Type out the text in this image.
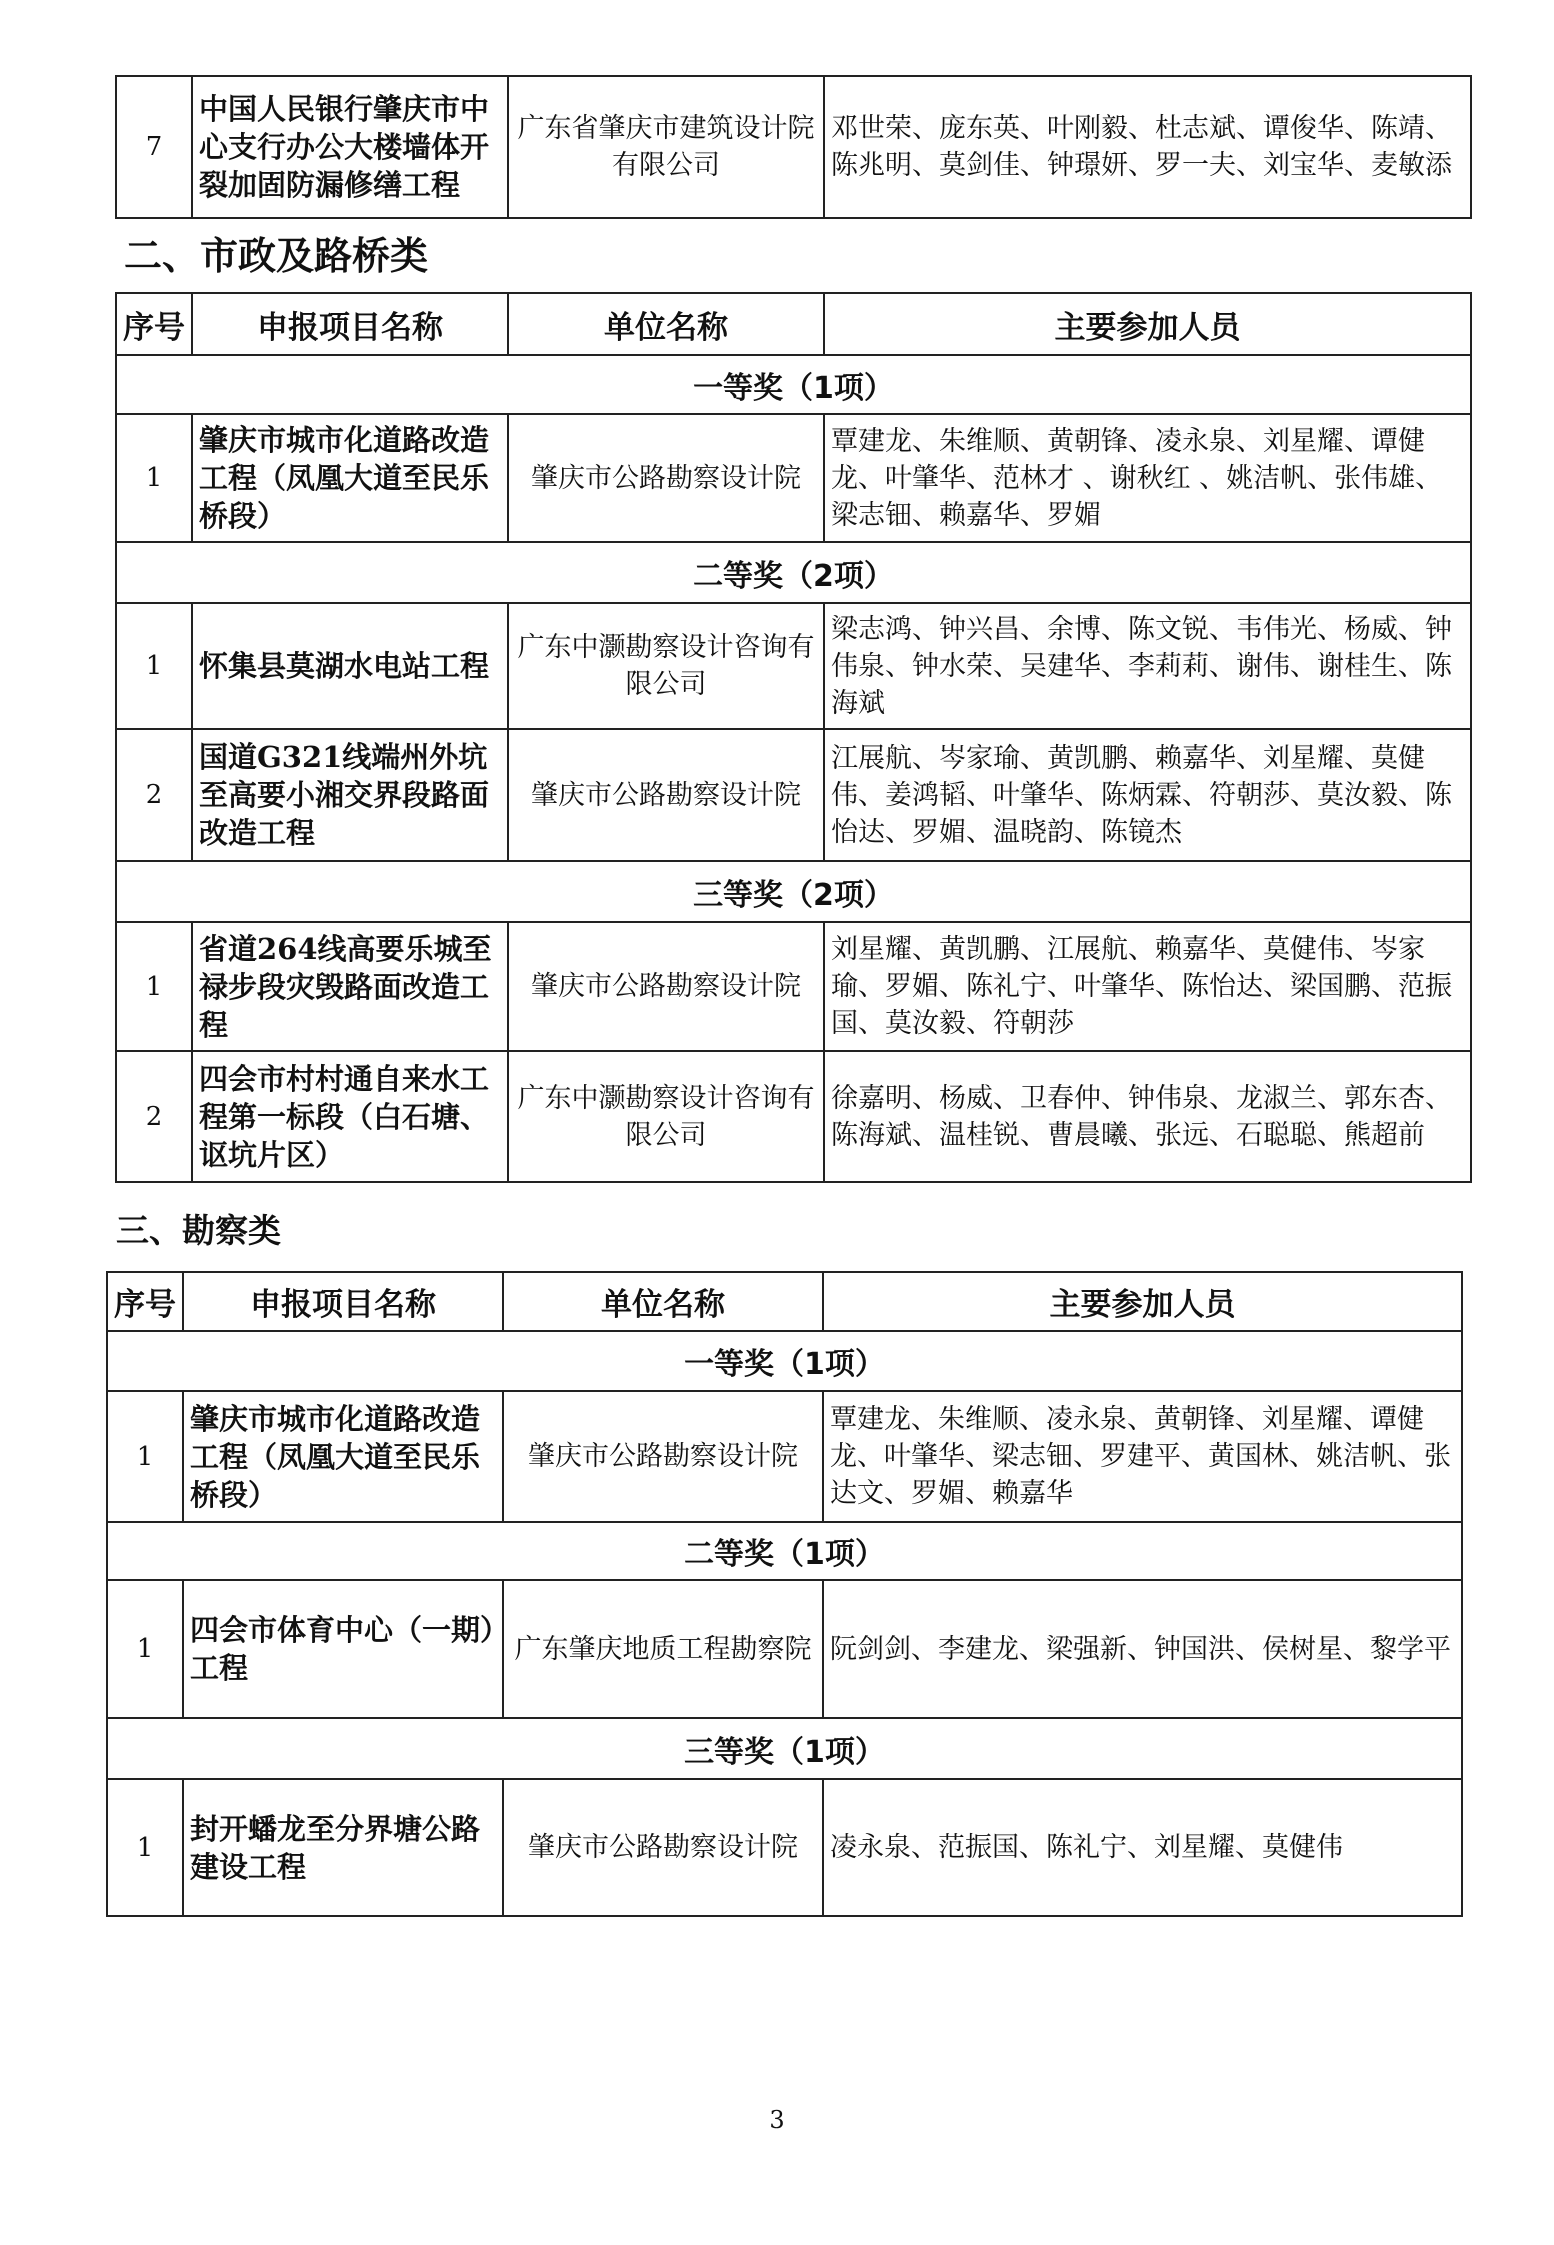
7	中国人民银行肇庆市中心支行办公大楼墙体开裂加固防漏修缮工程	广东省肇庆市建筑设计院有限公司	邓世荣、庞东英、叶刚毅、杜志斌、谭俊华、陈靖、陈兆明、莫剑佳、钟璟妍、罗一夫、刘宝华、麦敏添
二、市政及路桥类
序号	申报项目名称	单位名称	主要参加人员
一等奖（1项）			
1	肇庆市城市化道路改造工程（凤凰大道至民乐桥段）	肇庆市公路勘察设计院	覃建龙、朱维顺、黄朝锋、凌永泉、刘星耀、谭健龙、叶肇华、范林才 、谢秋红 、姚洁帆、张伟雄、梁志钿、赖嘉华、罗媚
二等奖（2项）			
1	怀集县莫湖水电站工程	广东中灏勘察设计咨询有限公司	梁志鸿、钟兴昌、余博、陈文锐、韦伟光、杨威、钟伟泉、钟水荣、吴建华、李莉莉、谢伟、谢桂生、陈海斌
2	国道G321线端州外坑至高要小湘交界段路面改造工程	肇庆市公路勘察设计院	江展航、岑家瑜、黄凯鹏、赖嘉华、刘星耀、莫健伟、姜鸿韬、叶肇华、陈炳霖、符朝莎、莫汝毅、陈怡达、罗媚、温晓韵、陈镜杰
三等奖（2项）			
1	省道264线高要乐城至禄步段灾毁路面改造工程	肇庆市公路勘察设计院	刘星耀、黄凯鹏、江展航、赖嘉华、莫健伟、岑家瑜、罗媚、陈礼宁、叶肇华、陈怡达、梁国鹏、范振国、莫汝毅、符朝莎
2	四会市村村通自来水工程第一标段（白石塘、讴坑片区）	广东中灏勘察设计咨询有限公司	徐嘉明、杨威、卫春仲、钟伟泉、龙淑兰、郭东杏、陈海斌、温桂锐、曹晨曦、张远、石聪聪、熊超前
三、勘察类
序号	申报项目名称	单位名称	主要参加人员
一等奖（1项）			
1	肇庆市城市化道路改造工程（凤凰大道至民乐桥段）	肇庆市公路勘察设计院	覃建龙、朱维顺、凌永泉、黄朝锋、刘星耀、谭健龙、叶肇华、梁志钿、罗建平、黄国林、姚洁帆、张达文、罗媚、赖嘉华
二等奖（1项）			
1	四会市体育中心（一期）工程	广东肇庆地质工程勘察院	阮剑剑、李建龙、梁强新、钟国洪、侯树星、黎学平
三等奖（1项）			
1	封开蟠龙至分界塘公路建设工程	肇庆市公路勘察设计院	凌永泉、范振国、陈礼宁、刘星耀、莫健伟
3
